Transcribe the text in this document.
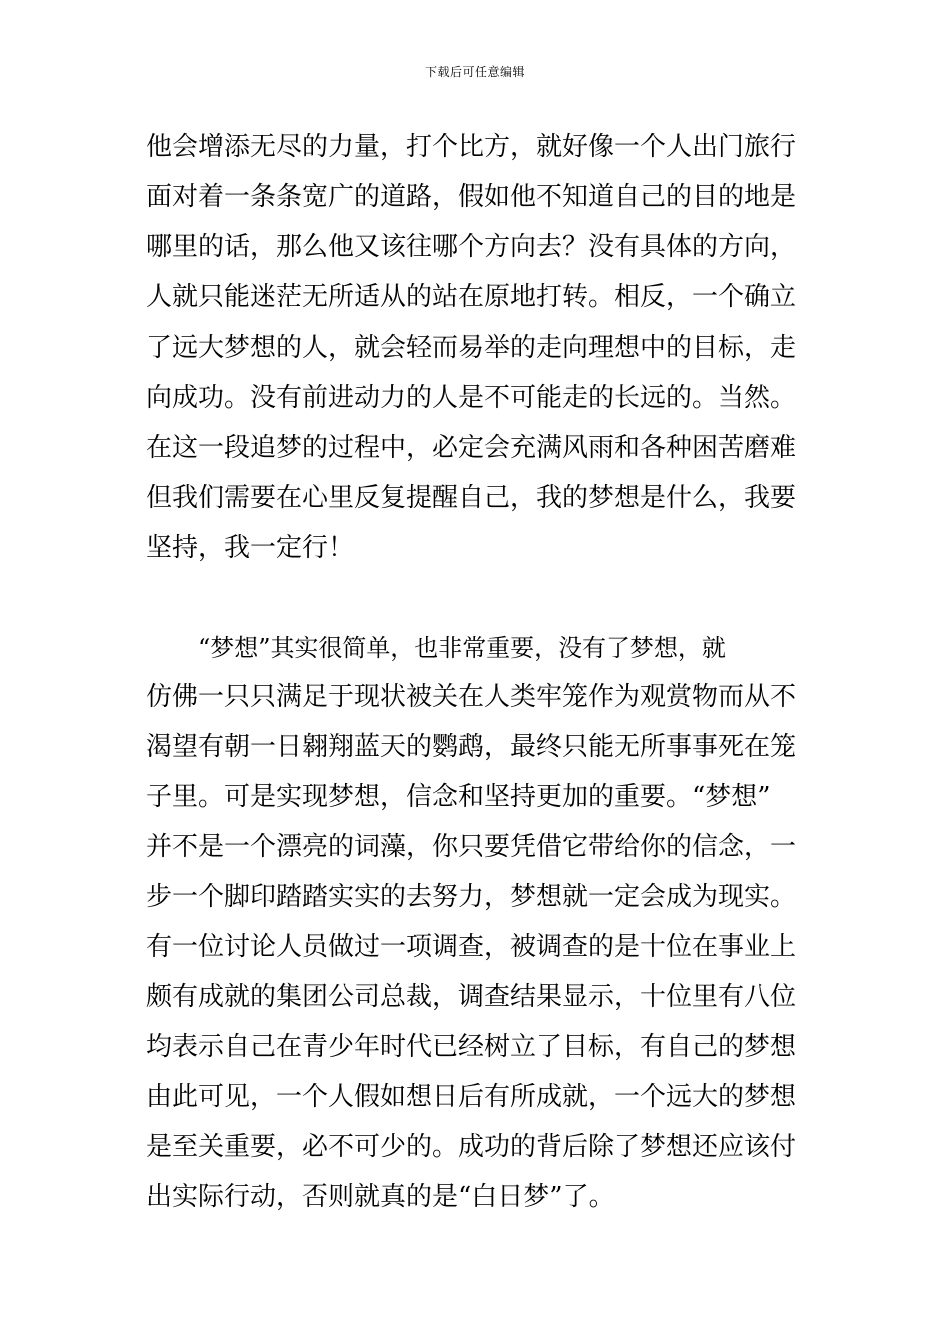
下载后可任意编辑
他会增添无尽的力量，打个比方，就好像一个人出门旅行
面对着一条条宽广的道路，假如他不知道自己的目的地是
哪里的话，那么他又该往哪个方向去？没有具体的方向，
人就只能迷茫无所适从的站在原地打转。相反，一个确立
了远大梦想的人，就会轻而易举的走向理想中的目标，走
向成功。没有前进动力的人是不可能走的长远的。当然。
在这一段追梦的过程中，必定会充满风雨和各种困苦磨难
但我们需要在心里反复提醒自己，我的梦想是什么，我要
坚持，我一定行！
“梦想”其实很简单，也非常重要，没有了梦想，就
仿佛一只只满足于现状被关在人类牢笼作为观赏物而从不
渴望有朝一日翱翔蓝天的鹦鹉，最终只能无所事事死在笼
子里。可是实现梦想，信念和坚持更加的重要。“梦想”
并不是一个漂亮的词藻，你只要凭借它带给你的信念，一
步一个脚印踏踏实实的去努力，梦想就一定会成为现实。
有一位讨论人员做过一项调查，被调查的是十位在事业上
颇有成就的集团公司总裁，调查结果显示，十位里有八位
均表示自己在青少年时代已经树立了目标，有自己的梦想
由此可见，一个人假如想日后有所成就，一个远大的梦想
是至关重要，必不可少的。成功的背后除了梦想还应该付
出实际行动，否则就真的是“白日梦”了。
